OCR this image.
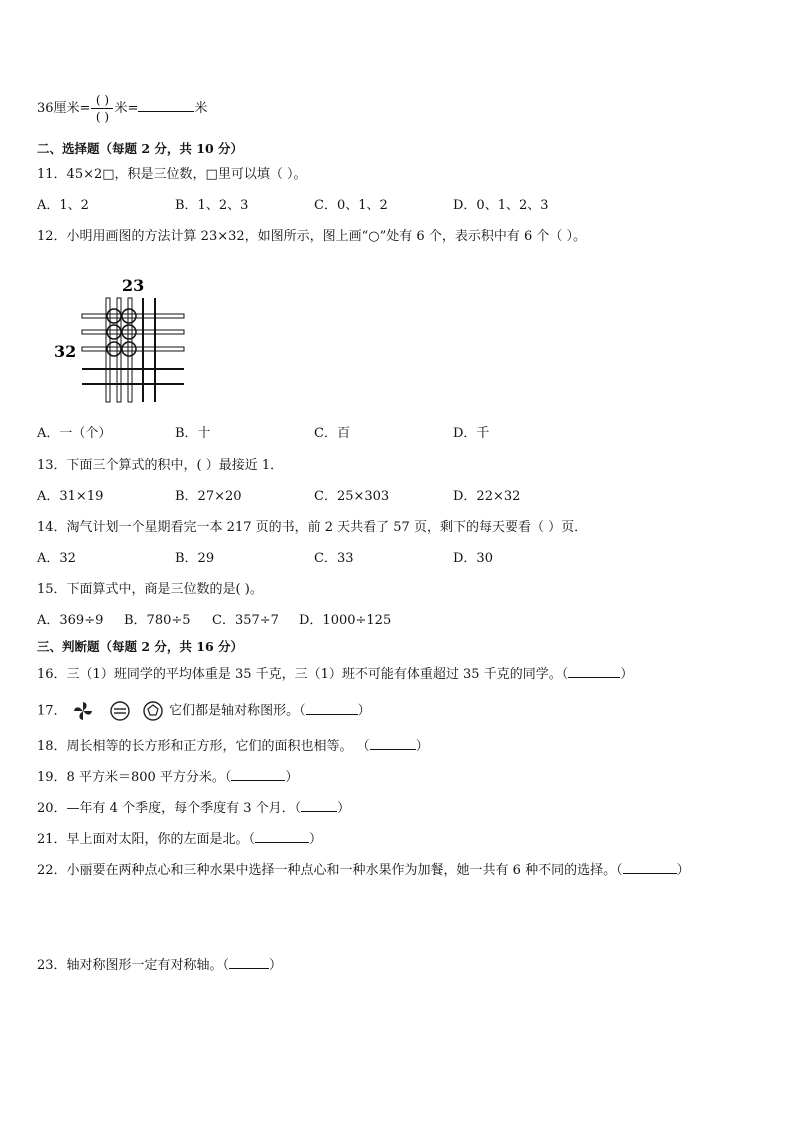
36厘米= $\frac{( )}{( )}$ 米=	米
二、选择题（每题 2 分，共 10 分）
11．45×2□，积是三位数，□里可以填（ ）。
A．1、2	B．1、2、3	C．0、1、2	D．0、1、2、3
12．小明用画图的方法计算 23×32，如图所示，图上画“○”处有 6 个，表示积中有 6 个（ ）。
23
32
A．一（个）	B．十	C．百	D．千
13．下面三个算式的积中，( ）最接近 1．
A．31×19	B．27×20	C．25×303	D．22×32
14．淘气计划一个星期看完一本 217 页的书，前 2 天共看了 57 页，剩下的每天要看（ ）页．
A．32	B．29	C．33	D．30
15．下面算式中，商是三位数的是( )。
A．369÷9 B．780÷5 C．357÷7 D．1000÷125
三、判断题（每题 2 分，共 16 分）
16．三（1）班同学的平均体重是 35 千克，三（1）班不可能有体重超过 35 千克的同学。（	）
17．	它们都是轴对称图形。（	）
18．周长相等的长方形和正方形，它们的面积也相等。 （	）
19．8 平方米＝800 平方分米。（	）
20．—年有 4 个季度，每个季度有 3 个月．（	）
21．早上面对太阳，你的左面是北。（	）
22．小丽要在两种点心和三种水果中选择一种点心和一种水果作为加餐，她一共有 6 种不同的选择。（	）
23．轴对称图形一定有对称轴。（	）
